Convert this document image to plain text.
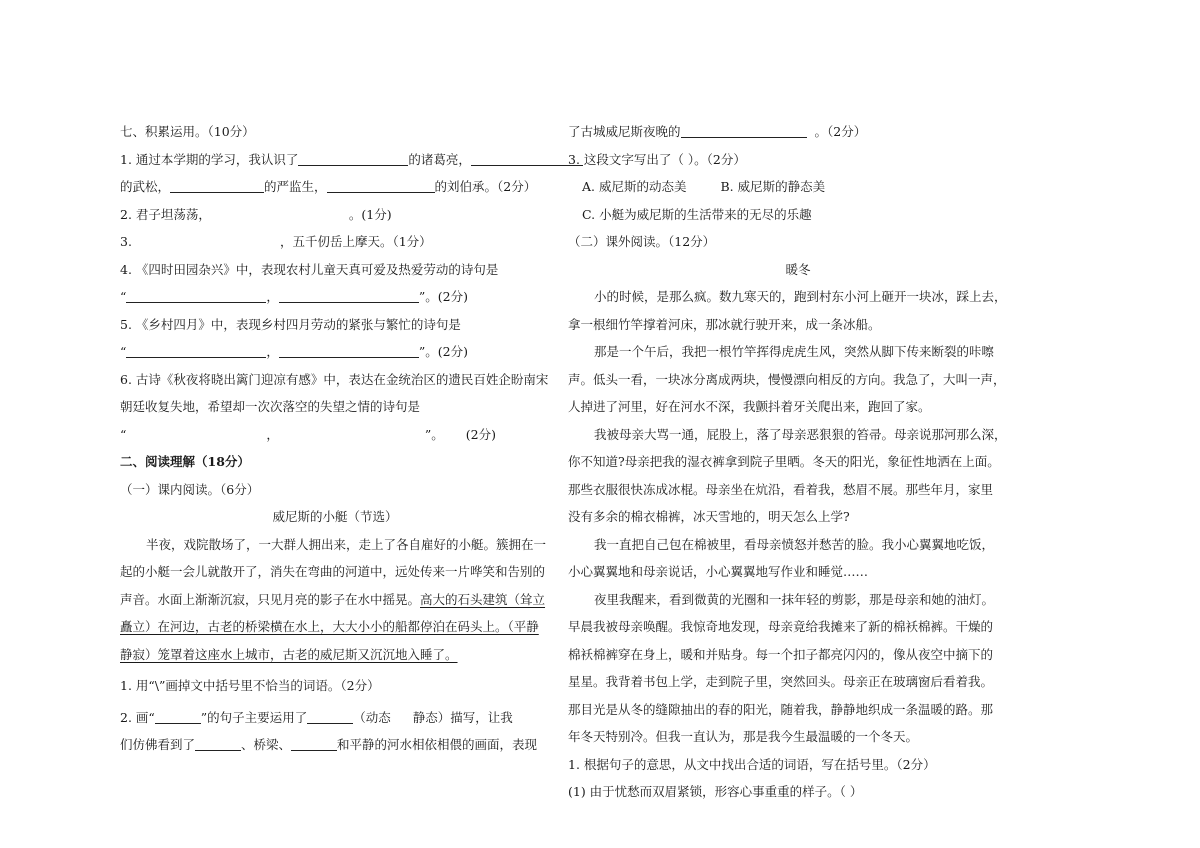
七、积累运用。（10分）
1. 通过本学期的学习，我认识了	的诸葛亮，
的武松，	的严监生，	的刘伯承。（2分）
2. 君子坦荡荡，	。(1分)
3.	，五千仞岳上摩天。（1分）
4. 《四时田园杂兴》中，表现农村儿童天真可爱及热爱劳动的诗句是
“	，	”。(2分)
5. 《乡村四月》中，表现乡村四月劳动的紧张与繁忙的诗句是
“	，	”。(2分)
6. 古诗《秋夜将晓出篱门迎凉有感》中，表达在金统治区的遗民百姓企盼南宋
朝廷收复失地，希望却一次次落空的失望之情的诗句是
“	，	”。 (2分)
二、阅读理解（18分）
（一）课内阅读。（6分）
威尼斯的小艇（节选）
半夜，戏院散场了，一大群人拥出来，走上了各自雇好的小艇。簇拥在一
起的小艇一会儿就散开了，消失在弯曲的河道中，远处传来一片哗笑和告别的
声音。水面上渐渐沉寂，只见月亮的影子在水中摇晃。高大的石头建筑（耸立
矗立）在河边，古老的桥梁横在水上，大大小小的船都停泊在码头上。（平静
静寂）笼罩着这座水上城市，古老的威尼斯又沉沉地入睡了。
1. 用“\”画掉文中括号里不恰当的词语。（2分）
2. 画“	”的句子主要运用了	（动态 静态）描写，让我
们仿佛看到了	、桥梁、	和平静的河水相依相偎的画面，表现
了古城威尼斯夜晚的	。（2分）
3. 这段文字写出了（ ）。（2分）
A. 威尼斯的动态美	B. 威尼斯的静态美
C. 小艇为威尼斯的生活带来的无尽的乐趣
（二）课外阅读。（12分）
暖冬
小的时候，是那么疯。数九寒天的，跑到村东小河上砸开一块冰，踩上去，
拿一根细竹竿撑着河床，那冰就行驶开来，成一条冰船。
那是一个午后，我把一根竹竿挥得虎虎生风，突然从脚下传来断裂的咔嚓
声。低头一看，一块冰分离成两块，慢慢漂向相反的方向。我急了，大叫一声，
人掉进了河里，好在河水不深，我颤抖着牙关爬出来，跑回了家。
我被母亲大骂一通，屁股上，落了母亲恶狠狠的笞帚。母亲说那河那么深，
你不知道?母亲把我的湿衣裤拿到院子里晒。冬天的阳光，象征性地洒在上面。
那些衣服很快冻成冰棍。母亲坐在炕沿，看着我，愁眉不展。那些年月，家里
没有多余的棉衣棉裤，冰天雪地的，明天怎么上学?
我一直把自己包在棉被里，看母亲愤怒并愁苦的脸。我小心翼翼地吃饭，
小心翼翼地和母亲说话，小心翼翼地写作业和睡觉……
夜里我醒来，看到微黄的光圈和一抹年轻的剪影，那是母亲和她的油灯。
早晨我被母亲唤醒。我惊奇地发现，母亲竟给我摊来了新的棉袄棉裤。干燥的
棉袄棉裤穿在身上，暖和并贴身。每一个扣子都亮闪闪的，像从夜空中摘下的
星星。我背着书包上学，走到院子里，突然回头。母亲正在玻璃窗后看着我。
那目光是从冬的缝隙抽出的春的阳光，随着我，静静地织成一条温暖的路。那
年冬天特别冷。但我一直认为，那是我今生最温暖的一个冬天。
1. 根据句子的意思，从文中找出合适的词语，写在括号里。（2分）
(1) 由于忧愁而双眉紧锁，形容心事重重的样子。（ ）
